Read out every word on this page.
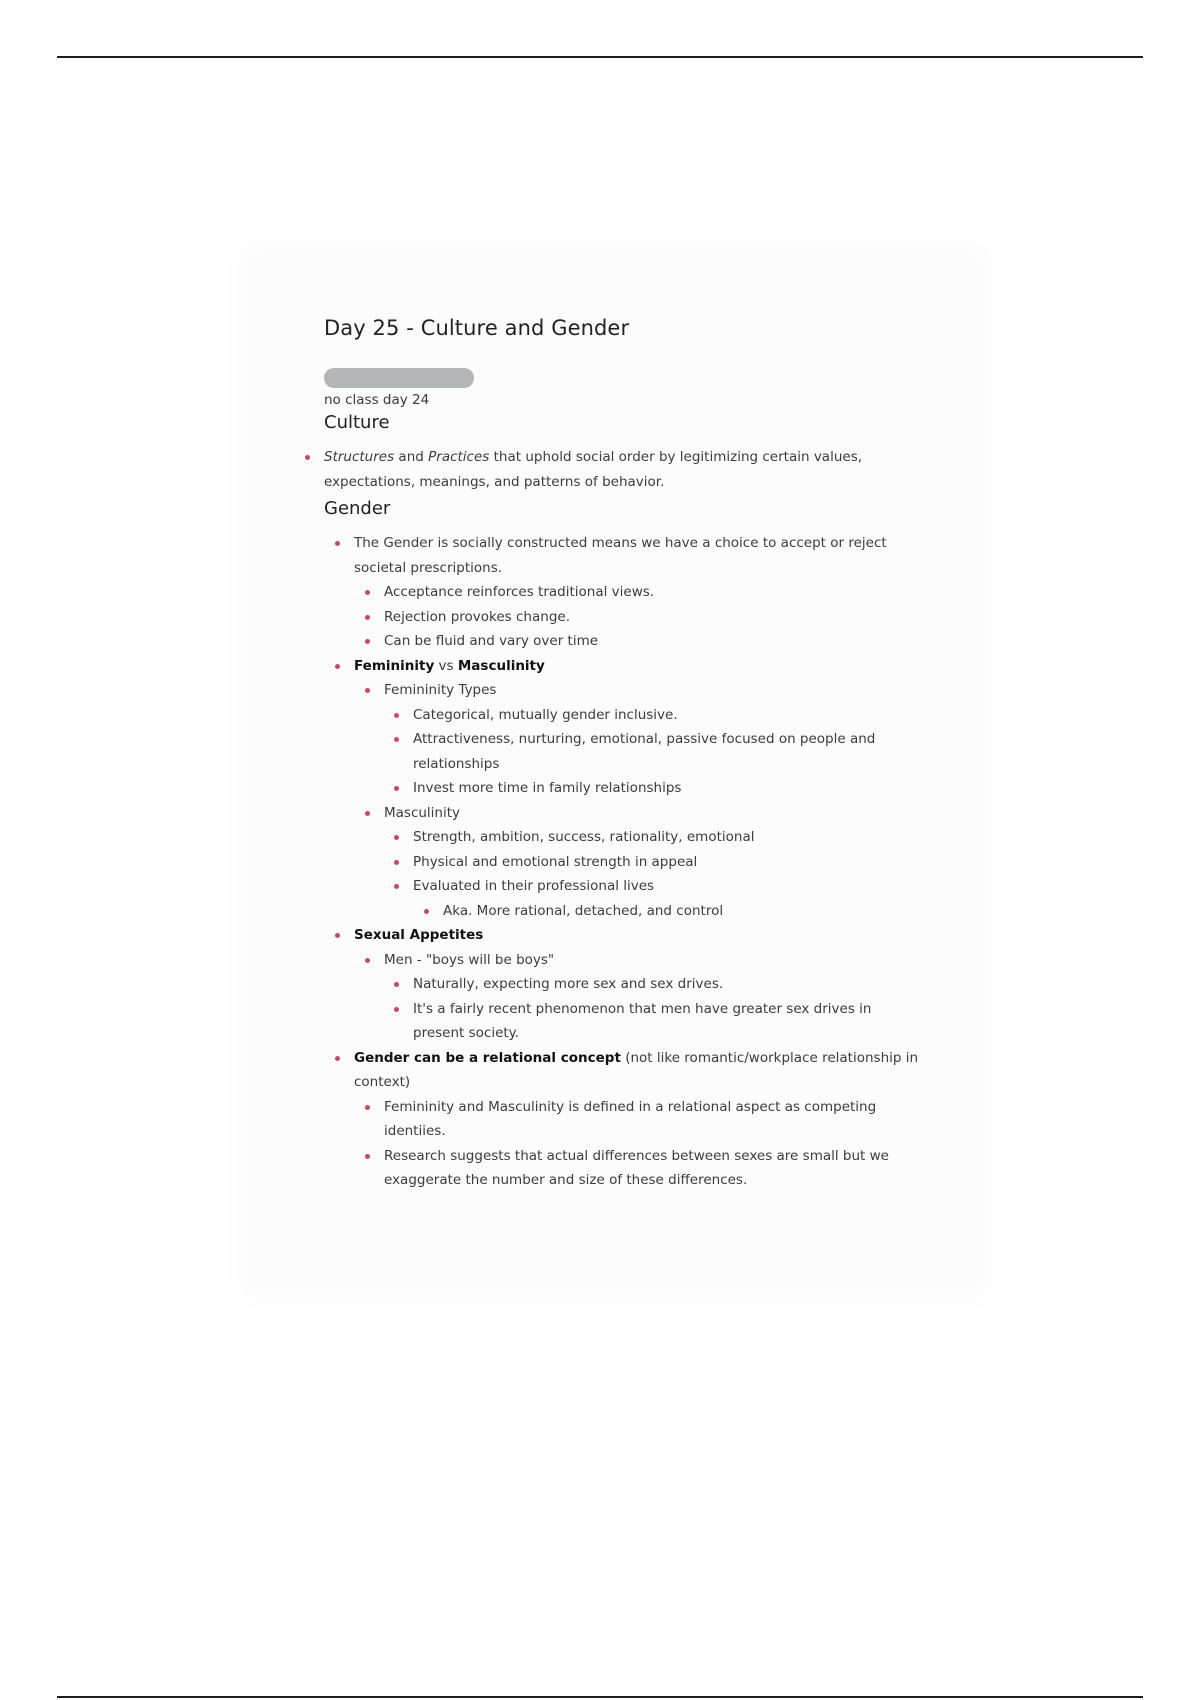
Day 25 - Culture and Gender
no class day 24
Culture
Structures and Practices that uphold social order by legitimizing certain values, expectations, meanings, and patterns of behavior.
Gender
The Gender is socially constructed means we have a choice to accept or reject societal prescriptions.
Acceptance reinforces traditional views.
Rejection provokes change.
Can be fluid and vary over time
Femininity vs Masculinity
Femininity Types
Categorical, mutually gender inclusive.
Attractiveness, nurturing, emotional, passive focused on people and relationships
Invest more time in family relationships
Masculinity
Strength, ambition, success, rationality, emotional
Physical and emotional strength in appeal
Evaluated in their professional lives
Aka. More rational, detached, and control
Sexual Appetites
Men - "boys will be boys"
Naturally, expecting more sex and sex drives.
It's a fairly recent phenomenon that men have greater sex drives in present society.
Gender can be a relational concept (not like romantic/workplace relationship in context)
Femininity and Masculinity is defined in a relational aspect as competing identiies.
Research suggests that actual differences between sexes are small but we exaggerate the number and size of these differences.
